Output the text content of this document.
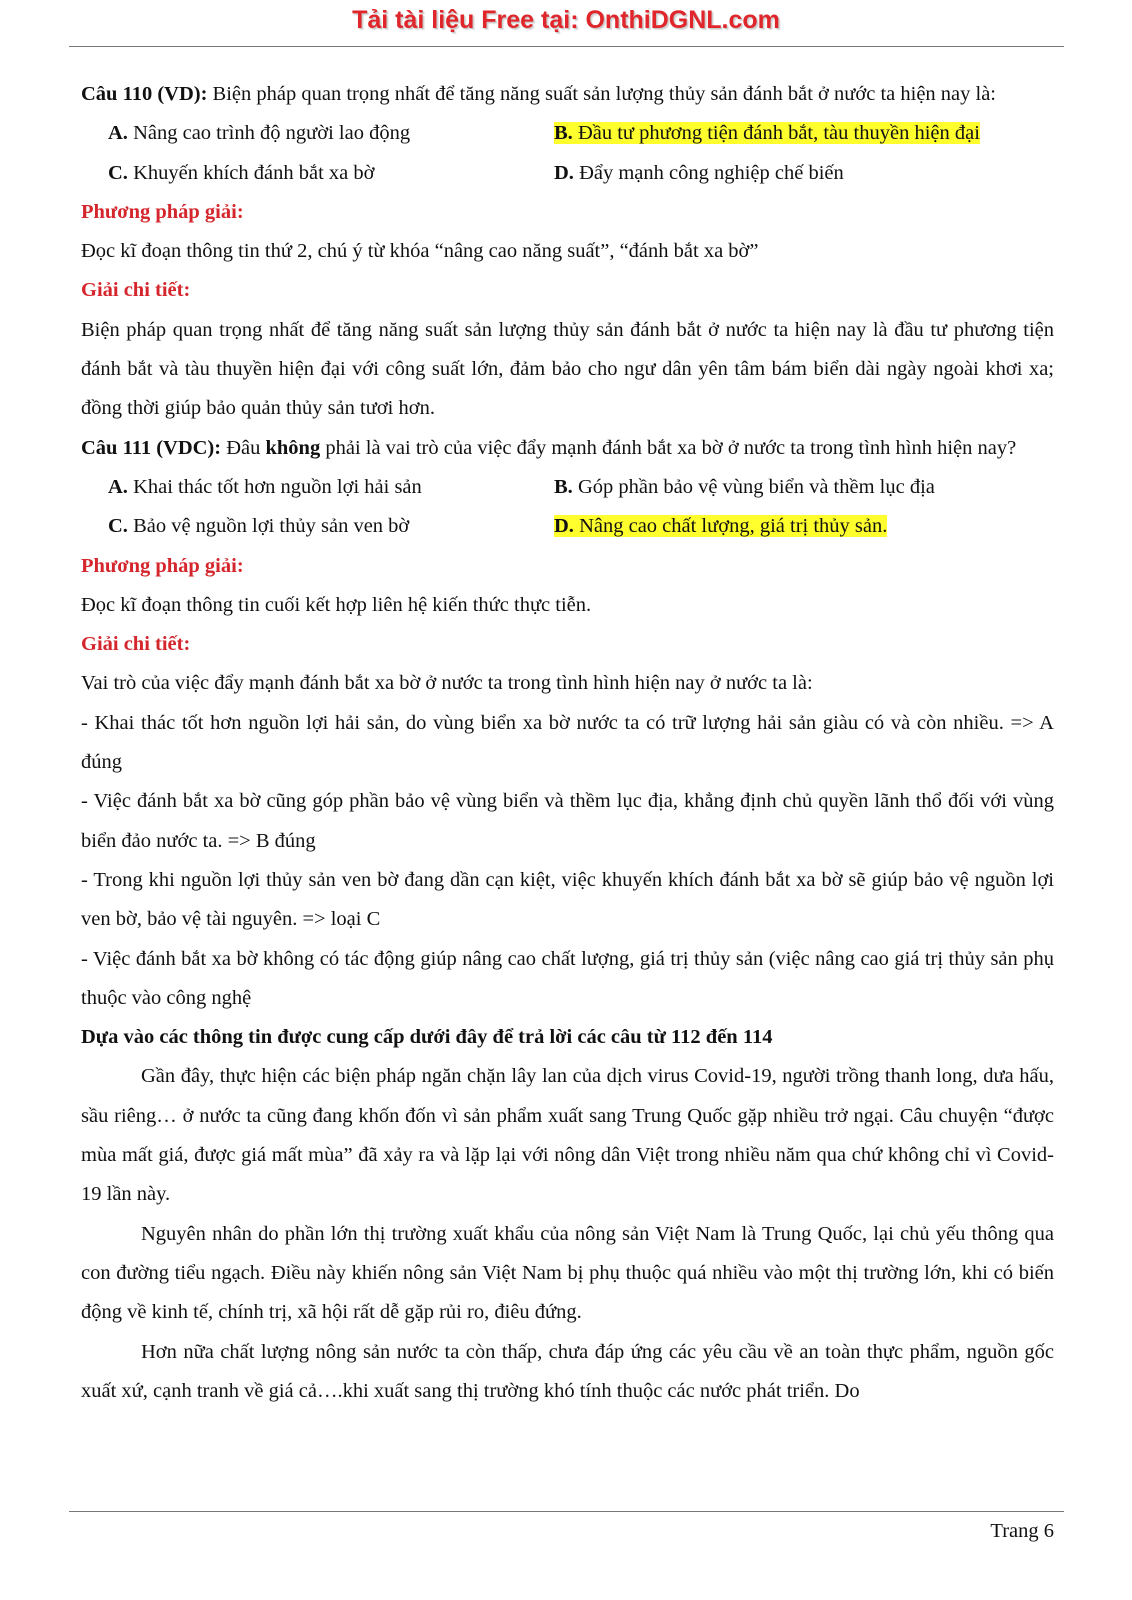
Tải tài liệu Free tại: OnthiDGNL.com

Câu 110 (VD): Biện pháp quan trọng nhất để tăng năng suất sản lượng thủy sản đánh bắt ở nước ta hiện nay là:

A. Nâng cao trình độ người lao động	B. Đầu tư phương tiện đánh bắt, tàu thuyền hiện đại
C. Khuyến khích đánh bắt xa bờ	D. Đẩy mạnh công nghiệp chế biến

Phương pháp giải:

Đọc kĩ đoạn thông tin thứ 2, chú ý từ khóa “nâng cao năng suất”, “đánh bắt xa bờ”

Giải chi tiết:

Biện pháp quan trọng nhất để tăng năng suất sản lượng thủy sản đánh bắt ở nước ta hiện nay là đầu tư phương tiện đánh bắt và tàu thuyền hiện đại với công suất lớn, đảm bảo cho ngư dân yên tâm bám biển dài ngày ngoài khơi xa; đồng thời giúp bảo quản thủy sản tươi hơn.

Câu 111 (VDC): Đâu không phải là vai trò của việc đẩy mạnh đánh bắt xa bờ ở nước ta trong tình hình hiện nay?

A. Khai thác tốt hơn nguồn lợi hải sản	B. Góp phần bảo vệ vùng biển và thềm lục địa
C. Bảo vệ nguồn lợi thủy sản ven bờ	D. Nâng cao chất lượng, giá trị thủy sản.

Phương pháp giải:

Đọc kĩ đoạn thông tin cuối kết hợp liên hệ kiến thức thực tiễn.

Giải chi tiết:

Vai trò của việc đẩy mạnh đánh bắt xa bờ ở nước ta trong tình hình hiện nay ở nước ta là:

- Khai thác tốt hơn nguồn lợi hải sản, do vùng biển xa bờ nước ta có trữ lượng hải sản giàu có và còn nhiều. => A đúng

- Việc đánh bắt xa bờ cũng góp phần bảo vệ vùng biển và thềm lục địa, khẳng định chủ quyền lãnh thổ đối với vùng biển đảo nước ta. => B đúng

- Trong khi nguồn lợi thủy sản ven bờ đang dần cạn kiệt, việc khuyến khích đánh bắt xa bờ sẽ giúp bảo vệ nguồn lợi ven bờ, bảo vệ tài nguyên. => loại C

- Việc đánh bắt xa bờ không có tác động giúp nâng cao chất lượng, giá trị thủy sản (việc nâng cao giá trị thủy sản phụ thuộc vào công nghệ

Dựa vào các thông tin được cung cấp dưới đây để trả lời các câu từ 112 đến 114

Gần đây, thực hiện các biện pháp ngăn chặn lây lan của dịch virus Covid-19, người trồng thanh long, dưa hấu, sầu riêng… ở nước ta cũng đang khốn đốn vì sản phẩm xuất sang Trung Quốc gặp nhiều trở ngại. Câu chuyện “được mùa mất giá, được giá mất mùa” đã xảy ra và lặp lại với nông dân Việt trong nhiều năm qua chứ không chỉ vì Covid-19 lần này.

Nguyên nhân do phần lớn thị trường xuất khẩu của nông sản Việt Nam là Trung Quốc, lại chủ yếu thông qua con đường tiểu ngạch. Điều này khiến nông sản Việt Nam bị phụ thuộc quá nhiều vào một thị trường lớn, khi có biến động về kinh tế, chính trị, xã hội rất dễ gặp rủi ro, điêu đứng.

Hơn nữa chất lượng nông sản nước ta còn thấp, chưa đáp ứng các yêu cầu về an toàn thực phẩm, nguồn gốc xuất xứ, cạnh tranh về giá cả….khi xuất sang thị trường khó tính thuộc các nước phát triển. Do

Trang 6
